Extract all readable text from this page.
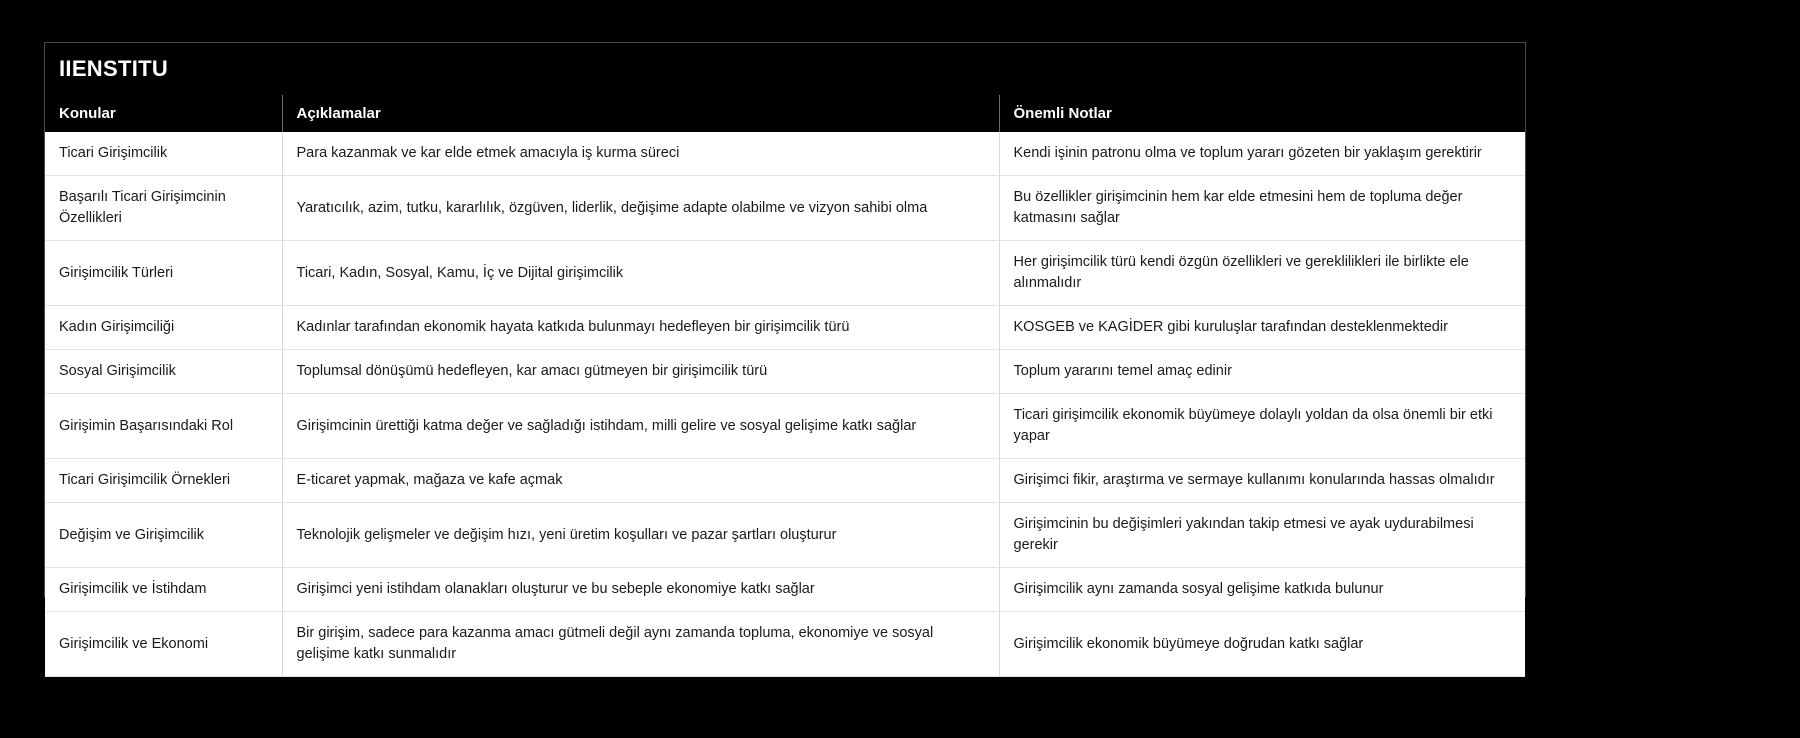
IIENSTITU
Konular	Açıklamalar	Önemli Notlar
Ticari Girişimcilik	Para kazanmak ve kar elde etmek amacıyla iş kurma süreci	Kendi işinin patronu olma ve toplum yararı gözeten bir yaklaşım gerektirir
Başarılı Ticari Girişimcinin Özellikleri	Yaratıcılık, azim, tutku, kararlılık, özgüven, liderlik, değişime adapte olabilme ve vizyon sahibi olma	Bu özellikler girişimcinin hem kar elde etmesini hem de topluma değer katmasını sağlar
Girişimcilik Türleri	Ticari, Kadın, Sosyal, Kamu, İç ve Dijital girişimcilik	Her girişimcilik türü kendi özgün özellikleri ve gereklilikleri ile birlikte ele alınmalıdır
Kadın Girişimciliği	Kadınlar tarafından ekonomik hayata katkıda bulunmayı hedefleyen bir girişimcilik türü	KOSGEB ve KAGİDER gibi kuruluşlar tarafından desteklenmektedir
Sosyal Girişimcilik	Toplumsal dönüşümü hedefleyen, kar amacı gütmeyen bir girişimcilik türü	Toplum yararını temel amaç edinir
Girişimin Başarısındaki Rol	Girişimcinin ürettiği katma değer ve sağladığı istihdam, milli gelire ve sosyal gelişime katkı sağlar	Ticari girişimcilik ekonomik büyümeye dolaylı yoldan da olsa önemli bir etki yapar
Ticari Girişimcilik Örnekleri	E-ticaret yapmak, mağaza ve kafe açmak	Girişimci fikir, araştırma ve sermaye kullanımı konularında hassas olmalıdır
Değişim ve Girişimcilik	Teknolojik gelişmeler ve değişim hızı, yeni üretim koşulları ve pazar şartları oluşturur	Girişimcinin bu değişimleri yakından takip etmesi ve ayak uydurabilmesi gerekir
Girişimcilik ve İstihdam	Girişimci yeni istihdam olanakları oluşturur ve bu sebeple ekonomiye katkı sağlar	Girişimcilik aynı zamanda sosyal gelişime katkıda bulunur
Girişimcilik ve Ekonomi	Bir girişim, sadece para kazanma amacı gütmeli değil aynı zamanda topluma, ekonomiye ve sosyal gelişime katkı sunmalıdır	Girişimcilik ekonomik büyümeye doğrudan katkı sağlar
